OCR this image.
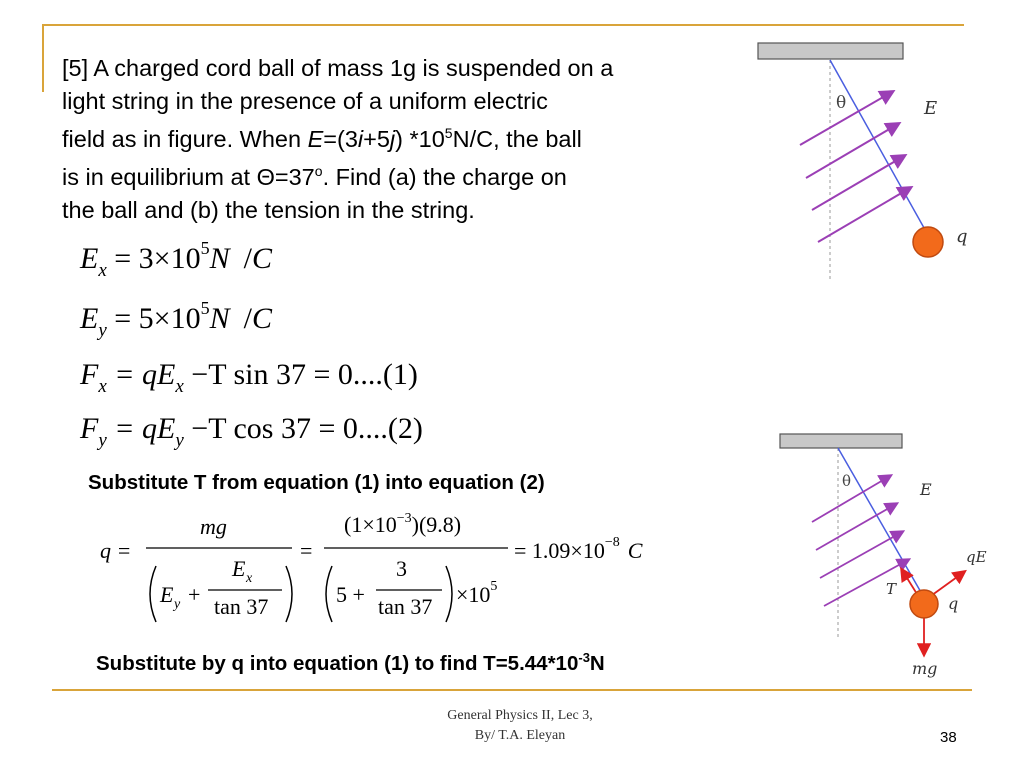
[5] A charged cord ball of mass 1g is suspended on a
light string in the presence of a uniform electric
field as in figure. When E=(3i+5j) $*10^5N/C$, the ball
is in equilibrium at $\Theta=37^o$. Find (a) the charge on
the ball and (b) the tension in the string.
$E_x = 3\times 10^5N$ /C
$E_y = 5\times 10^5N$ /C
$F_x = qE_x -T$ sin 37 = 0....(1)
$F_y = qE_y -T$ cos 37 = 0....(2)
Substitute T from equation (1) into equation (2)
q =
mg
E y +
E x
tan 37
=
$(1\times 10^{-3})(9.8)$
5 +
3
$\tan 37 \times 10^5$
= $1.09\times 10^{-8}$ C
Substitute by q into equation (1) to find $T=5.44*10^{-3}N$
θ	E
q
θ	E
q
qE
T
mg
General Physics II, Lec 3,
By/ T.A. Eleyan	38
